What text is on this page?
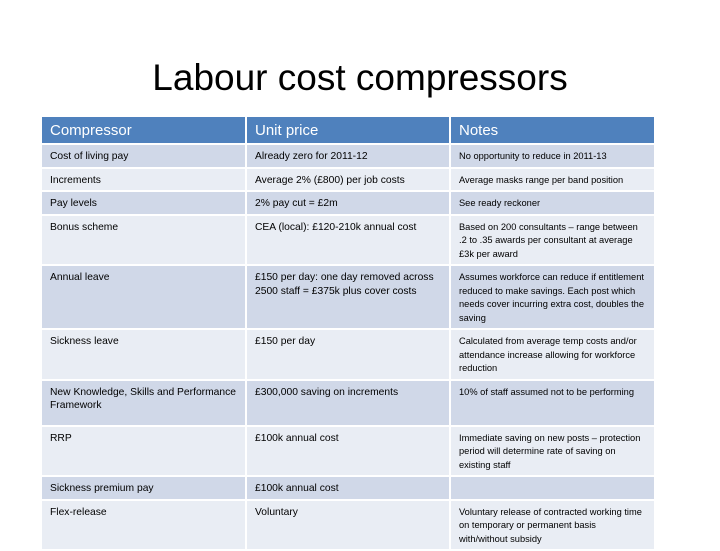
Labour cost compressors
Compressor	Unit price	Notes
Cost of living pay	Already zero for 2011-12	No opportunity to reduce in 2011-13
Increments	Average 2% (£800) per job costs	Average masks range per band position
Pay levels	2% pay cut = £2m	See ready reckoner
Bonus scheme	CEA (local): £120-210k annual cost	Based on 200 consultants – range between .2 to .35 awards per consultant at average £3k per award
Annual leave	£150 per day: one day removed across 2500 staff = £375k plus cover costs	Assumes workforce can reduce if entitlement reduced to make savings. Each post which needs cover incurring extra cost, doubles the saving
Sickness leave	£150 per day	Calculated from average temp costs and/or attendance increase allowing for workforce reduction
New Knowledge, Skills and Performance Framework	£300,000 saving on increments	10% of staff assumed not to be performing
RRP	£100k annual cost	Immediate saving on new posts – protection period will determine rate of saving on existing staff
Sickness premium pay	£100k annual cost	
Flex-release	Voluntary	Voluntary release of contracted working time on temporary or permanent basis with/without subsidy
